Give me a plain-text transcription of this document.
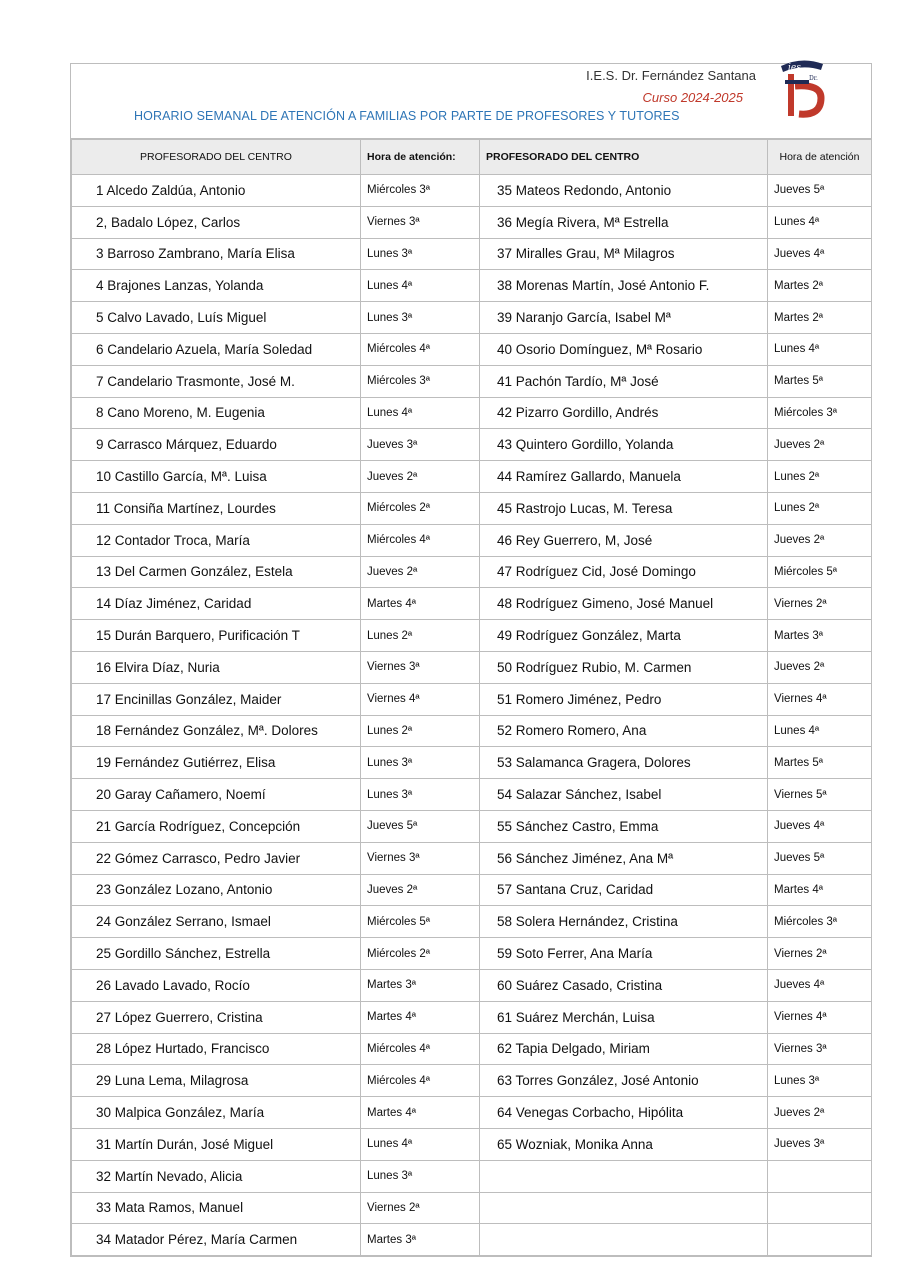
I.E.S. Dr. Fernández Santana
Curso 2024-2025
HORARIO SEMANAL DE ATENCIÓN A FAMILIAS POR PARTE DE PROFESORES Y TUTORES
ies
Dr.
PROFESORADO DEL CENTRO	Hora de atención:	PROFESORADO DEL CENTRO	Hora de atención
1 Alcedo Zaldúa, Antonio	Miércoles 3ª	35 Mateos Redondo, Antonio	Jueves 5ª
2, Badalo López, Carlos	Viernes 3ª	36 Megía Rivera, Mª Estrella	Lunes 4ª
3 Barroso Zambrano, María Elisa	Lunes 3ª	37 Miralles Grau, Mª Milagros	Jueves 4ª
4 Brajones Lanzas, Yolanda	Lunes 4ª	38 Morenas Martín, José Antonio F.	Martes 2ª
5 Calvo Lavado, Luís Miguel	Lunes 3ª	39 Naranjo García, Isabel Mª	Martes 2ª
6 Candelario Azuela, María Soledad	Miércoles 4ª	40 Osorio Domínguez, Mª Rosario	Lunes 4ª
7 Candelario Trasmonte, José M.	Miércoles 3ª	41 Pachón Tardío, Mª José	Martes 5ª
8 Cano Moreno, M. Eugenia	Lunes 4ª	42 Pizarro Gordillo, Andrés	Miércoles 3ª
9 Carrasco Márquez, Eduardo	Jueves 3ª	43 Quintero Gordillo, Yolanda	Jueves 2ª
10 Castillo García, Mª. Luisa	Jueves 2ª	44 Ramírez Gallardo, Manuela	Lunes 2ª
11 Consiña Martínez, Lourdes	Miércoles 2ª	45 Rastrojo Lucas, M. Teresa	Lunes 2ª
12 Contador Troca, María	Miércoles 4ª	46 Rey Guerrero, M, José	Jueves 2ª
13 Del Carmen González, Estela	Jueves 2ª	47 Rodríguez Cid, José Domingo	Miércoles 5ª
14 Díaz Jiménez, Caridad	Martes 4ª	48 Rodríguez Gimeno, José Manuel	Viernes 2ª
15 Durán Barquero, Purificación T	Lunes 2ª	49 Rodríguez González, Marta	Martes 3ª
16 Elvira Díaz, Nuria	Viernes 3ª	50 Rodríguez Rubio, M. Carmen	Jueves 2ª
17 Encinillas González, Maider	Viernes 4ª	51 Romero Jiménez, Pedro	Viernes 4ª
18 Fernández González, Mª. Dolores	Lunes 2ª	52 Romero Romero, Ana	Lunes 4ª
19 Fernández Gutiérrez, Elisa	Lunes 3ª	53 Salamanca Gragera, Dolores	Martes 5ª
20 Garay Cañamero, Noemí	Lunes 3ª	54 Salazar Sánchez, Isabel	Viernes 5ª
21 García Rodríguez, Concepción	Jueves 5ª	55 Sánchez Castro, Emma	Jueves 4ª
22 Gómez Carrasco, Pedro Javier	Viernes 3ª	56 Sánchez Jiménez, Ana Mª	Jueves 5ª
23 González Lozano, Antonio	Jueves 2ª	57 Santana Cruz, Caridad	Martes 4ª
24 González Serrano, Ismael	Miércoles 5ª	58 Solera Hernández, Cristina	Miércoles 3ª
25 Gordillo Sánchez, Estrella	Miércoles 2ª	59 Soto Ferrer, Ana María	Viernes 2ª
26 Lavado Lavado, Rocío	Martes 3ª	60 Suárez Casado, Cristina	Jueves 4ª
27 López Guerrero, Cristina	Martes 4ª	61 Suárez Merchán, Luisa	Viernes 4ª
28 López Hurtado, Francisco	Miércoles 4ª	62 Tapia Delgado, Miriam	Viernes 3ª
29 Luna Lema, Milagrosa	Miércoles 4ª	63 Torres González, José Antonio	Lunes 3ª
30 Malpica González, María	Martes 4ª	64 Venegas Corbacho, Hipólita	Jueves 2ª
31 Martín Durán, José Miguel	Lunes 4ª	65 Wozniak, Monika Anna	Jueves 3ª
32 Martín Nevado, Alicia	Lunes 3ª		
33 Mata Ramos, Manuel	Viernes 2ª		
34 Matador Pérez, María Carmen	Martes 3ª		
